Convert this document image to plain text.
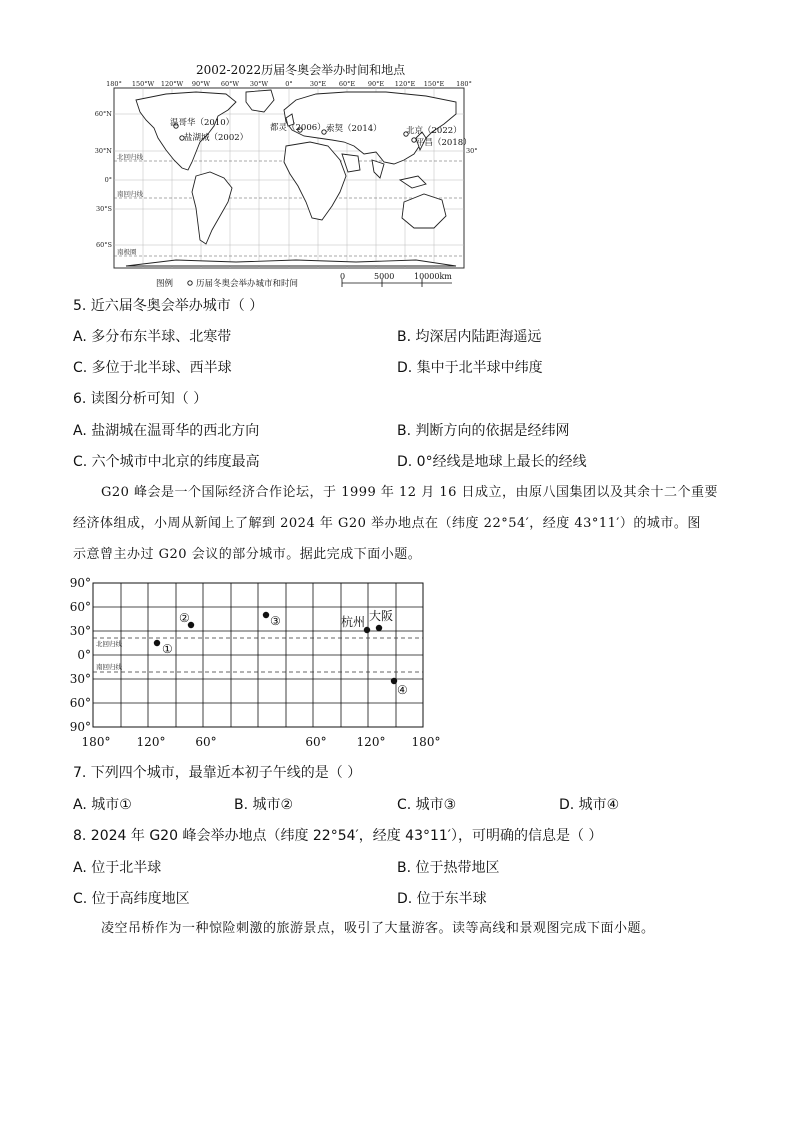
2002-2022历届冬奥会举办时间和地点
180° 150°W 120°W 90°W 60°W 30°W	0°	30°E 60°E 90°E 120°E 150°E 180°
60°N
30°N
0°
30°S
60°S
30°
北回归线
南回归线
南极圈
温哥华（2010）
盐湖城（2002）
都灵（2006） 索契（2014）	北京（2022）
平昌（2018）
图例	历届冬奥会举办城市和时间
0	5000 10000km
5. 近六届冬奥会举办城市（ ）
A. 多分布东半球、北寒带	B. 均深居内陆距海遥远
C. 多位于北半球、西半球	D. 集中于北半球中纬度
6. 读图分析可知（ ）
A. 盐湖城在温哥华的西北方向	B. 判断方向的依据是经纬网
C. 六个城市中北京的纬度最高	D. 0°经线是地球上最长的经线
G20 峰会是一个国际经济合作论坛，于 1999 年 12 月 16 日成立，由原八国集团以及其余十二个重要
经济体组成，小周从新闻上了解到 2024 年 G20 举办地点在（纬度 22°54′，经度 43°11′）的城市。图
示意曾主办过 G20 会议的部分城市。据此完成下面小题。
北回归线
南回归线
90°
60°
30°
0°
30°
60°
90°
180° 120° 60°	60° 120° 180°
①
②	③	杭州 大阪
④
7. 下列四个城市，最靠近本初子午线的是（ ）
A. 城市①	B. 城市②	C. 城市③	D. 城市④
8. 2024 年 G20 峰会举办地点（纬度 22°54′，经度 43°11′），可明确的信息是（ ）
A. 位于北半球	B. 位于热带地区
C. 位于高纬度地区	D. 位于东半球
凌空吊桥作为一种惊险刺激的旅游景点，吸引了大量游客。读等高线和景观图完成下面小题。
